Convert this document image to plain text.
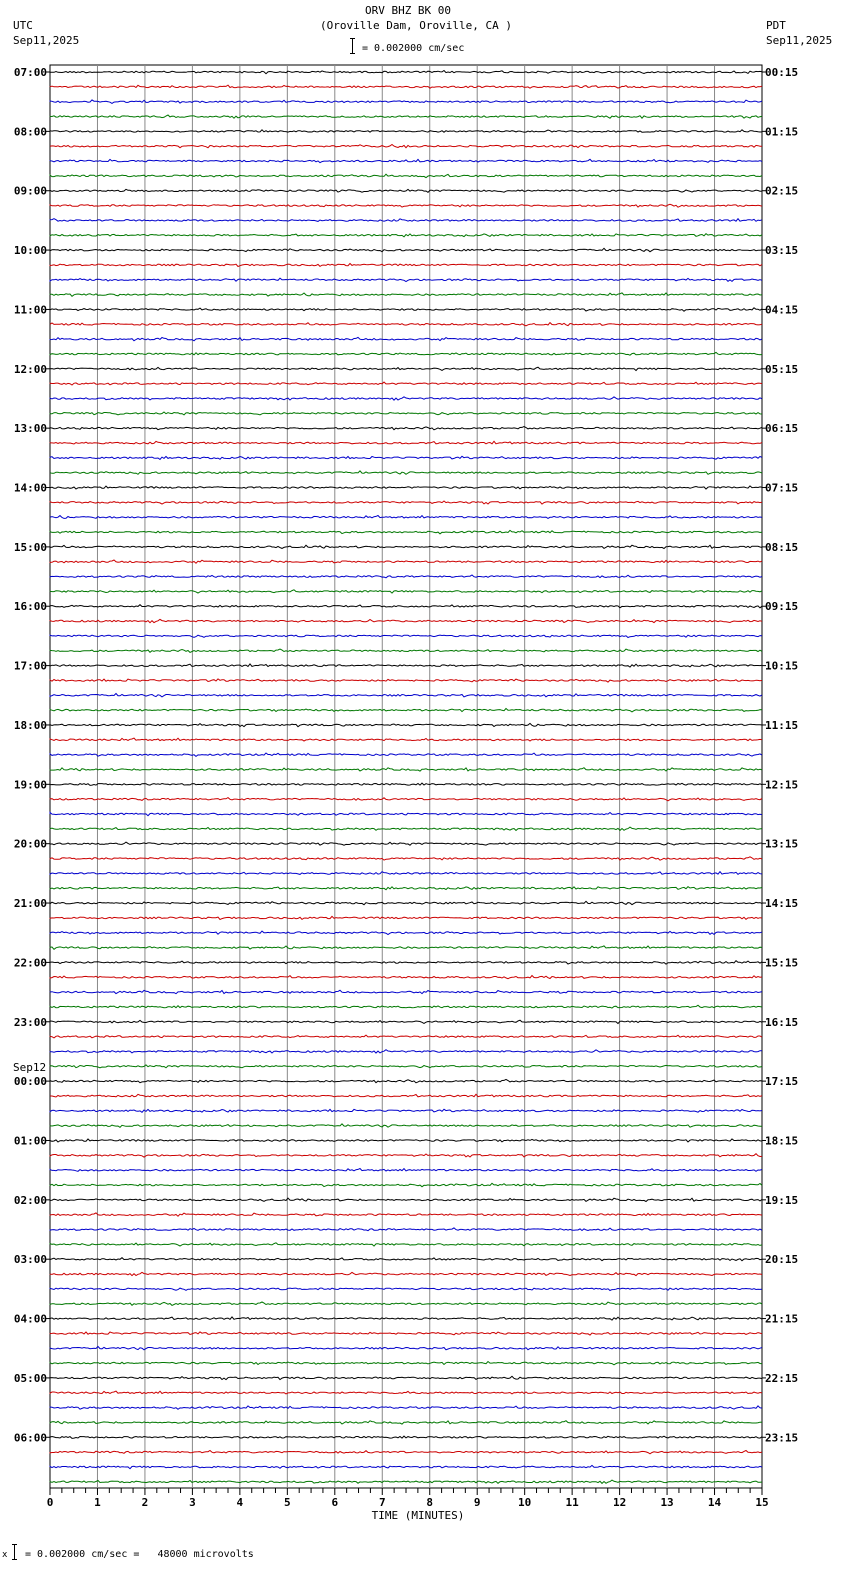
ORV BHZ BK 00
(Oroville Dam, Oroville, CA )
= 0.002000 cm/sec
UTC
Sep11,2025
PDT
Sep11,2025
Sep12
07:00	00:15
08:00	01:15
09:00	02:15
10:00	03:15
11:00	04:15
12:00	05:15
13:00	06:15
14:00	07:15
15:00	08:15
16:00	09:15
17:00	10:15
18:00	11:15
19:00	12:15
20:00	13:15
21:00	14:15
22:00	15:15
23:00	16:15
00:00	17:15
01:00	18:15
02:00	19:15
03:00	20:15
04:00	21:15
05:00	22:15
06:00	23:15
0	1	2	3	4	5	6	7	8	9	10	11	12	13	14	15
TIME (MINUTES)
x = 0.002000 cm/sec =   48000 microvolts
